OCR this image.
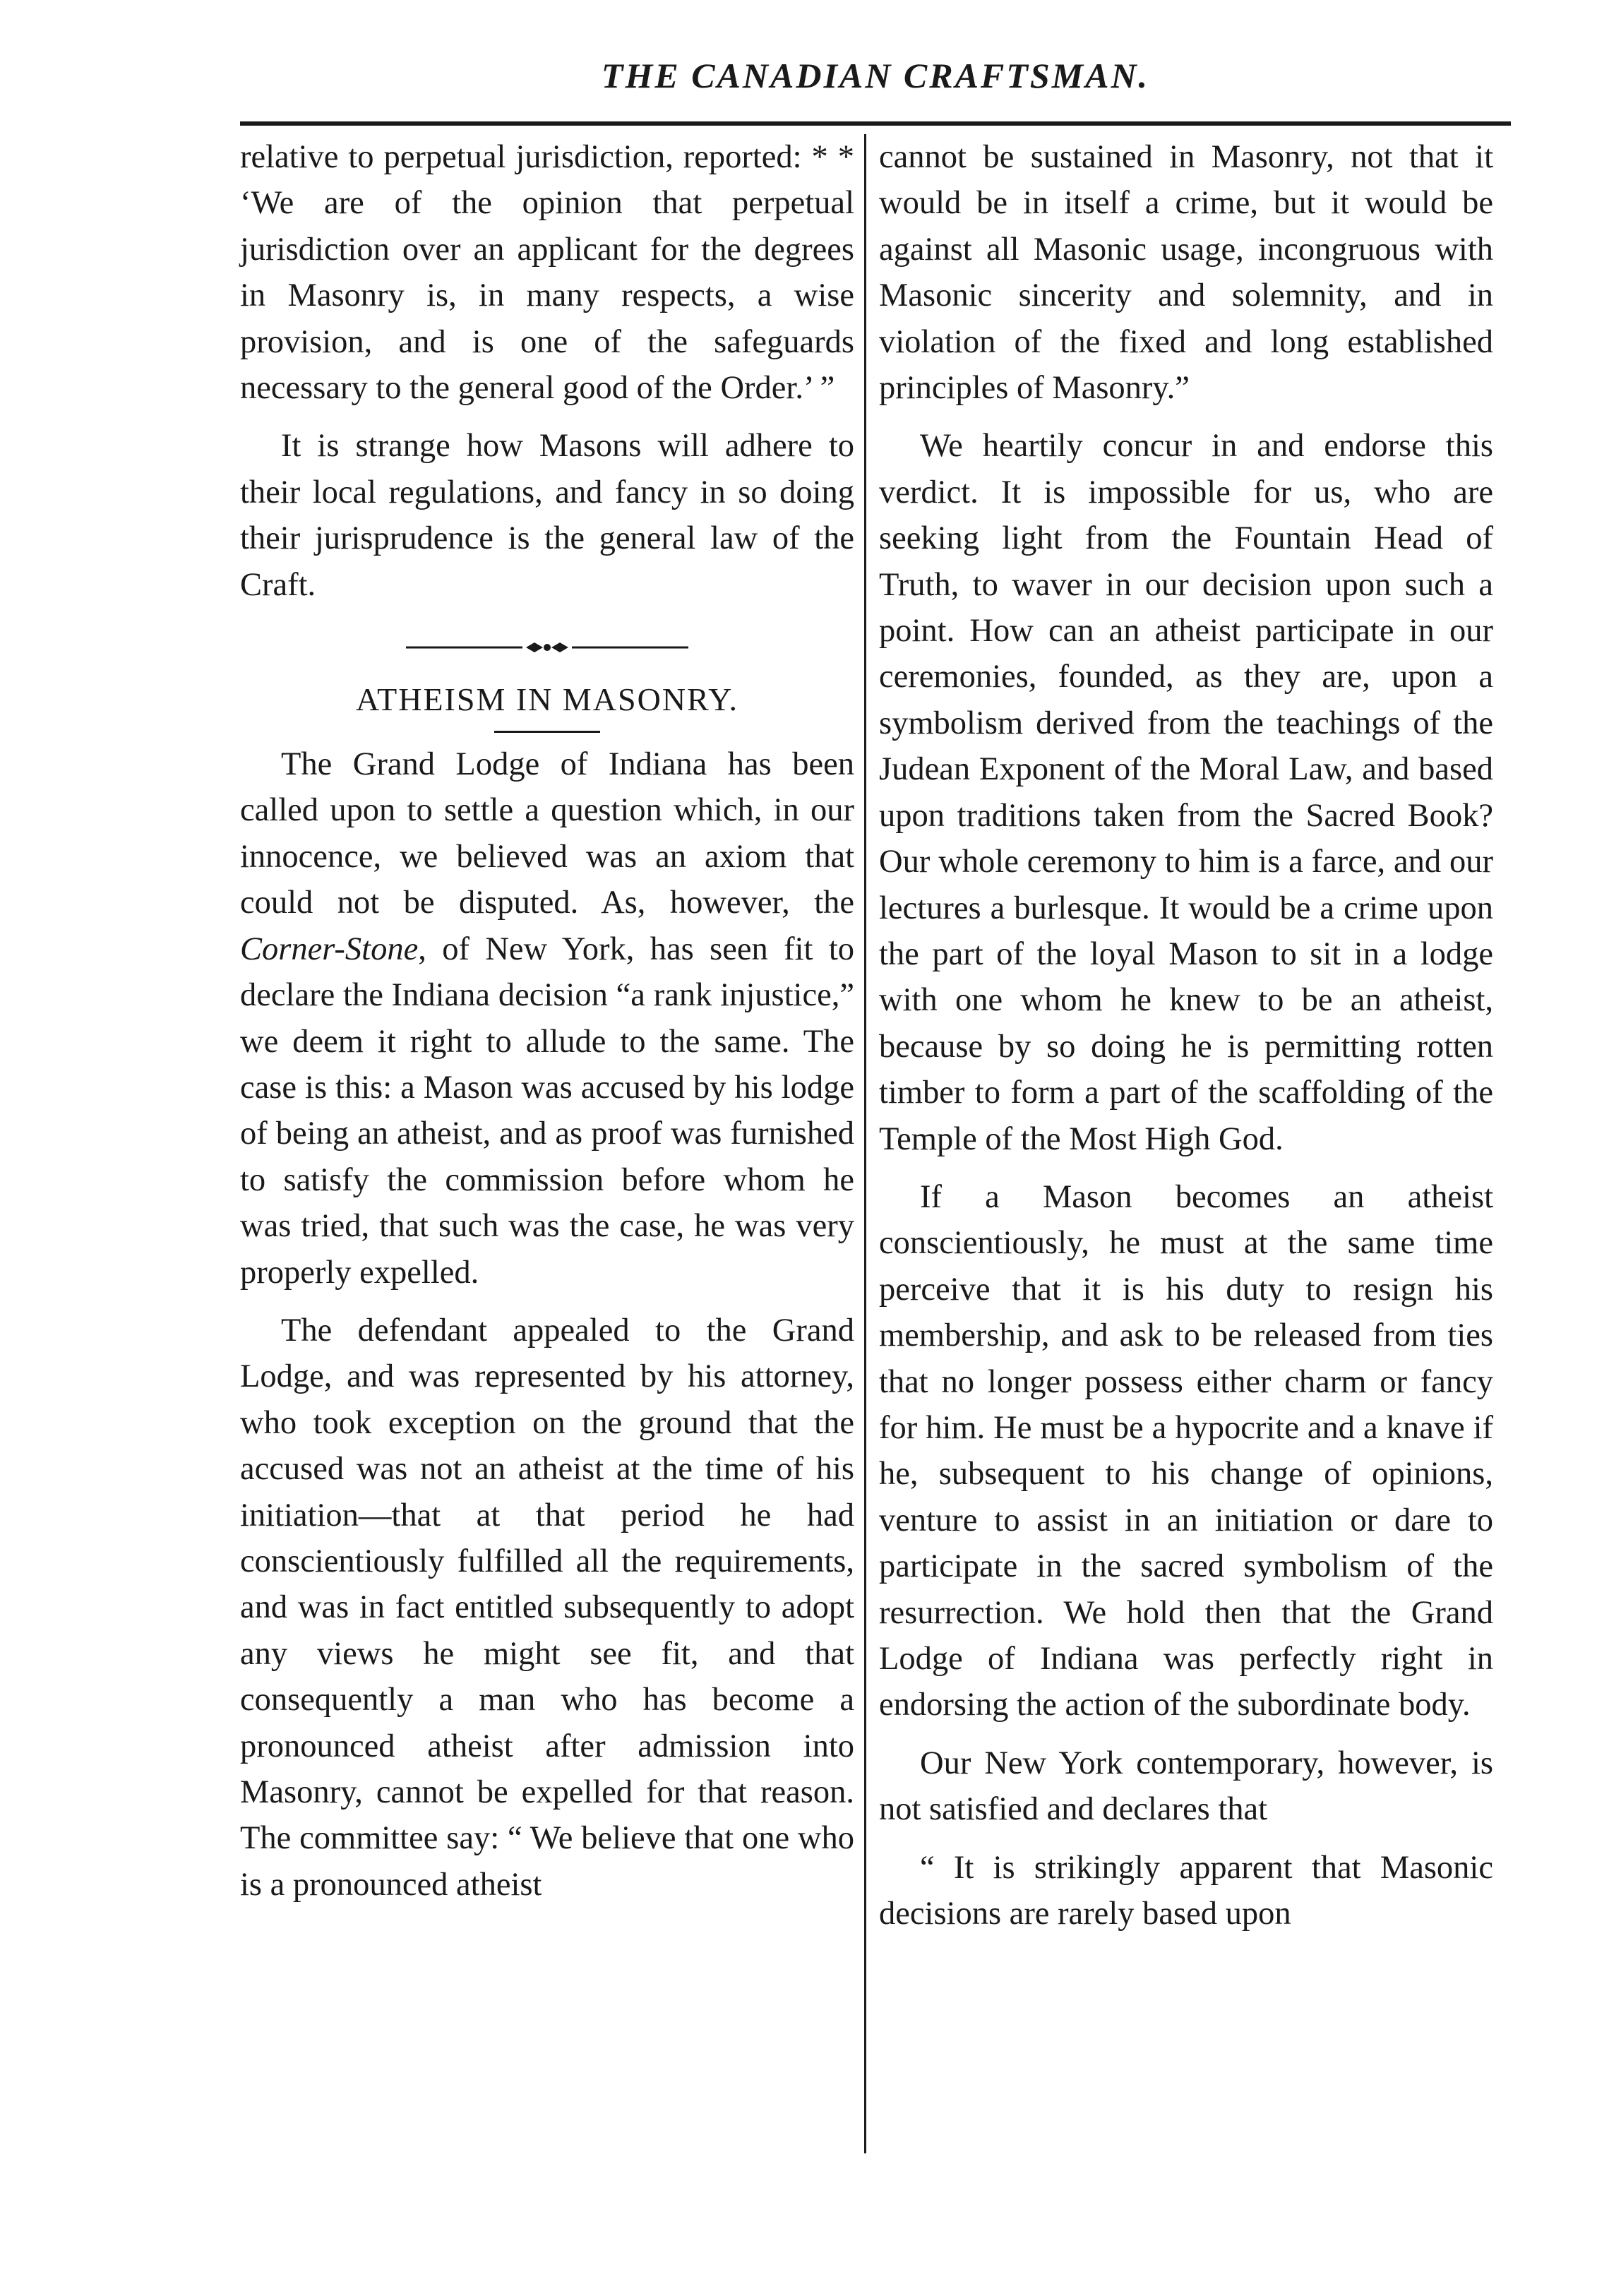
THE CANADIAN CRAFTSMAN.

relative to perpetual jurisdiction, reported: * * ‘We are of the opinion that perpetual jurisdiction over an applicant for the degrees in Masonry is, in many respects, a wise provision, and is one of the safeguards necessary to the general good of the Order.’ ”

It is strange how Masons will adhere to their local regulations, and fancy in so doing their jurisprudence is the general law of the Craft.

ATHEISM IN MASONRY.

The Grand Lodge of Indiana has been called upon to settle a question which, in our innocence, we believed was an axiom that could not be disputed. As, however, the Corner-Stone, of New York, has seen fit to declare the Indiana decision “a rank injustice,” we deem it right to allude to the same. The case is this: a Mason was accused by his lodge of being an atheist, and as proof was furnished to satisfy the commission before whom he was tried, that such was the case, he was very properly expelled.

The defendant appealed to the Grand Lodge, and was represented by his attorney, who took exception on the ground that the accused was not an atheist at the time of his initiation—that at that period he had conscientiously fulfilled all the requirements, and was in fact entitled subsequently to adopt any views he might see fit, and that consequently a man who has become a pronounced atheist after admission into Masonry, cannot be expelled for that reason. The committee say: “ We believe that one who is a pronounced atheist

cannot be sustained in Masonry, not that it would be in itself a crime, but it would be against all Masonic usage, incongruous with Masonic sincerity and solemnity, and in violation of the fixed and long established principles of Masonry.”

We heartily concur in and endorse this verdict. It is impossible for us, who are seeking light from the Fountain Head of Truth, to waver in our decision upon such a point. How can an atheist participate in our ceremonies, founded, as they are, upon a symbolism derived from the teachings of the Judean Exponent of the Moral Law, and based upon traditions taken from the Sacred Book? Our whole ceremony to him is a farce, and our lectures a burlesque. It would be a crime upon the part of the loyal Mason to sit in a lodge with one whom he knew to be an atheist, because by so doing he is permitting rotten timber to form a part of the scaffolding of the Temple of the Most High God.

If a Mason becomes an atheist conscientiously, he must at the same time perceive that it is his duty to resign his membership, and ask to be released from ties that no longer possess either charm or fancy for him. He must be a hypocrite and a knave if he, subsequent to his change of opinions, venture to assist in an initiation or dare to participate in the sacred symbolism of the resurrection. We hold then that the Grand Lodge of Indiana was perfectly right in endorsing the action of the subordinate body.

Our New York contemporary, however, is not satisfied and declares that

“ It is strikingly apparent that Masonic decisions are rarely based upon
